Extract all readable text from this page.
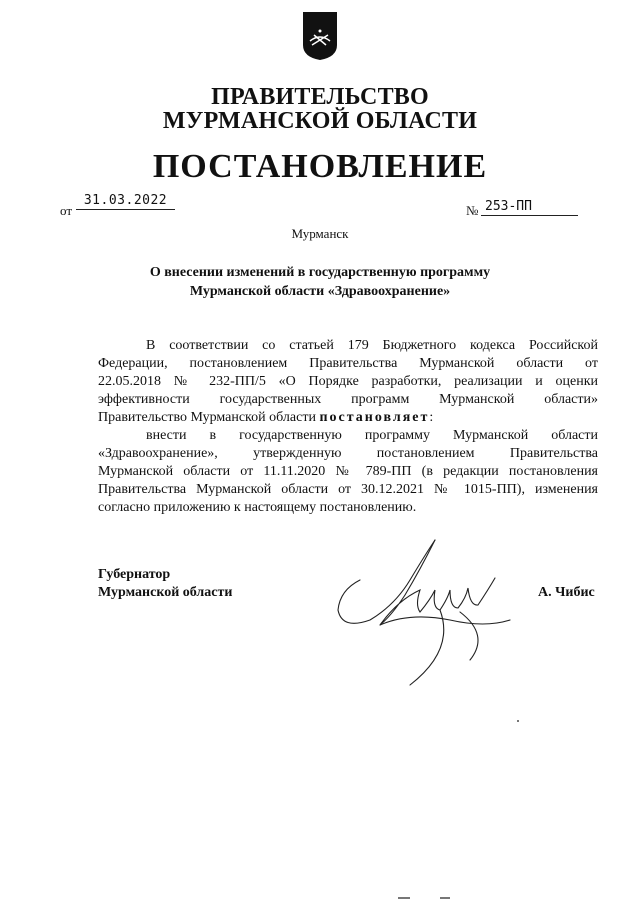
ПРАВИТЕЛЬСТВО
МУРМАНСКОЙ ОБЛАСТИ
ПОСТАНОВЛЕНИЕ
от
31.03.2022
№ 253-ПП
Мурманск
О внесении изменений в государственную программу
Мурманской области «Здравоохранение»
В соответствии со статьей 179 Бюджетного кодекса Российской
Федерации, постановлением Правительства Мурманской области от
22.05.2018 № 232-ПП/5 «О Порядке разработки, реализации и оценки
эффективности государственных программ Мурманской области»
Правительство Мурманской области постановляет:
внести в государственную программу Мурманской области
«Здравоохранение», утвержденную постановлением Правительства
Мурманской области от 11.11.2020 № 789-ПП (в редакции постановления
Правительства Мурманской области от 30.12.2021 № 1015-ПП), изменения
согласно приложению к настоящему постановлению.
Губернатор
Мурманской области	А. Чибис
